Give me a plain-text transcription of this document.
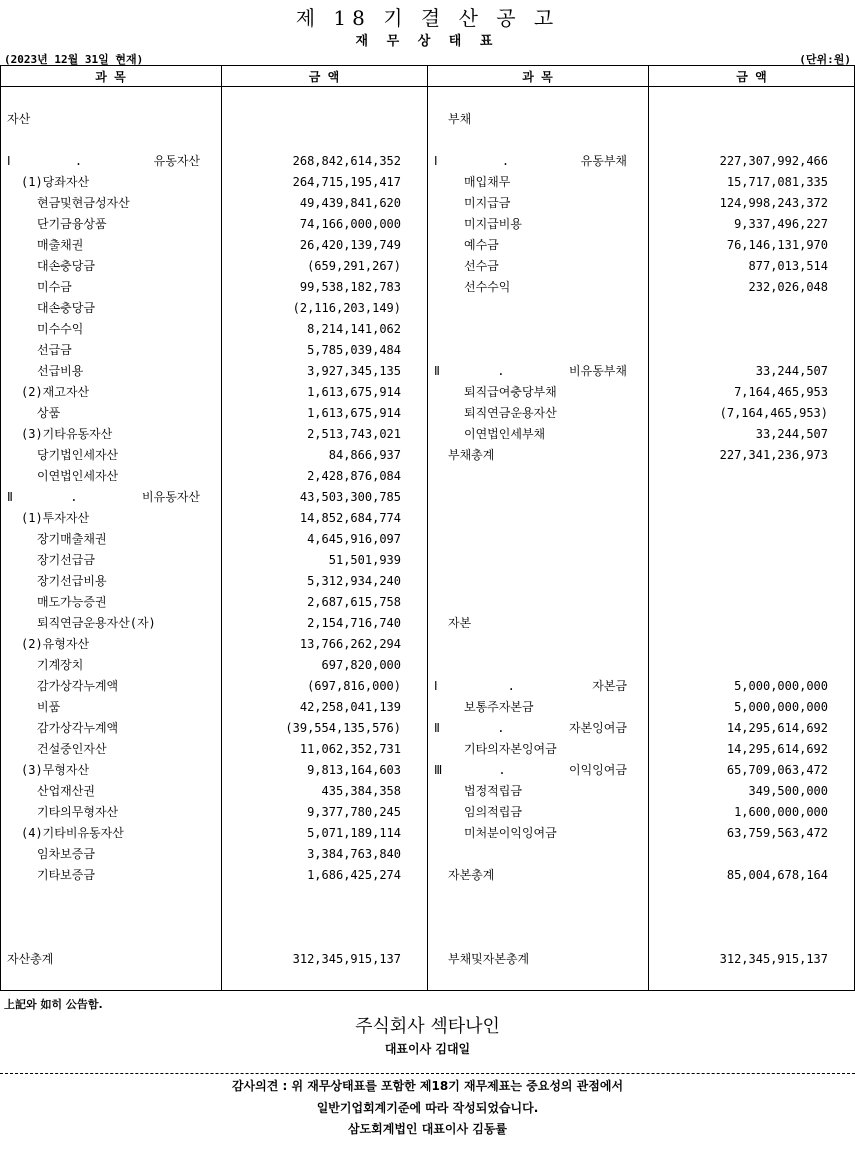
제 18 기 결 산 공 고
재 무 상 태 표
(2023년 12월 31일 현재)	(단위:원)
과 목	금 액	과 목	금 액
자산
Ⅰ. 유동자산	268,842,614,352
(1)당좌자산	264,715,195,417
현금및현금성자산	49,439,841,620
단기금융상품	74,166,000,000
매출채권	26,420,139,749
대손충당금	(659,291,267)
미수금	99,538,182,783
대손충당금	(2,116,203,149)
미수수익	8,214,141,062
선급금	5,785,039,484
선급비용	3,927,345,135
(2)재고자산	1,613,675,914
상품	1,613,675,914
(3)기타유동자산	2,513,743,021
당기법인세자산	84,866,937
이연법인세자산	2,428,876,084
Ⅱ. 비유동자산	43,503,300,785
(1)투자자산	14,852,684,774
장기매출채권	4,645,916,097
장기선급금	51,501,939
장기선급비용	5,312,934,240
매도가능증권	2,687,615,758
퇴직연금운용자산(자)	2,154,716,740
(2)유형자산	13,766,262,294
기계장치	697,820,000
감가상각누계액	(697,816,000)
비품	42,258,041,139
감가상각누계액	(39,554,135,576)
건설중인자산	11,062,352,731
(3)무형자산	9,813,164,603
산업재산권	435,384,358
기타의무형자산	9,377,780,245
(4)기타비유동자산	5,071,189,114
임차보증금	3,384,763,840
기타보증금	1,686,425,274
자산총계	312,345,915,137
부채
Ⅰ. 유동부채	227,307,992,466
매입채무	15,717,081,335
미지급금	124,998,243,372
미지급비용	9,337,496,227
예수금	76,146,131,970
선수금	877,013,514
선수수익	232,026,048
Ⅱ. 비유동부채	33,244,507
퇴직급여충당부채	7,164,465,953
퇴직연금운용자산	(7,164,465,953)
이연법인세부채	33,244,507
부채총계	227,341,236,973
자본
Ⅰ. 자본금	5,000,000,000
보통주자본금	5,000,000,000
Ⅱ. 자본잉여금	14,295,614,692
기타의자본잉여금	14,295,614,692
Ⅲ. 이익잉여금	65,709,063,472
법정적립금	349,500,000
임의적립금	1,600,000,000
미처분이익잉여금	63,759,563,472
자본총계	85,004,678,164
부채및자본총계	312,345,915,137
上記와 如히 公告함.
주식회사 섹타나인
대표이사 김대일
감사의견 : 위 재무상태표를 포함한 제18기 재무제표는 중요성의 관점에서
일반기업회계기준에 따라 작성되었습니다.
삼도회계법인 대표이사 김동률
